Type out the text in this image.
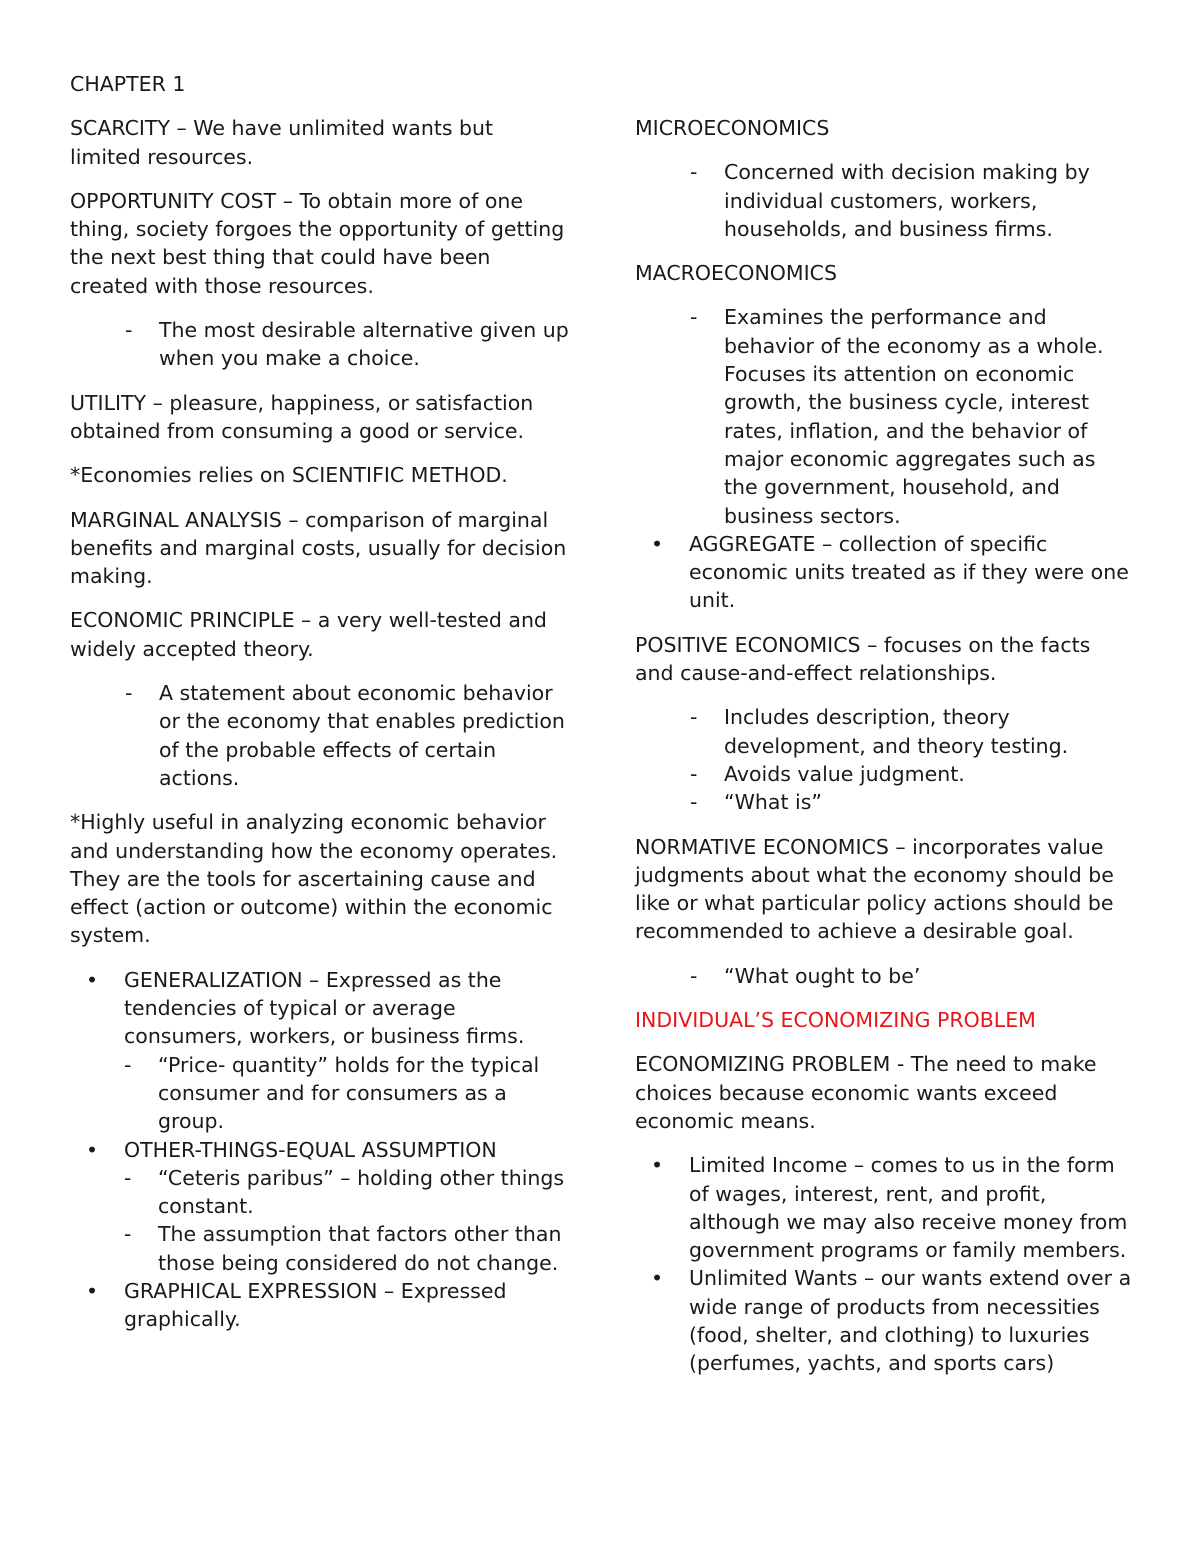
CHAPTER 1

SCARCITY – We have unlimited wants but limited resources.

OPPORTUNITY COST – To obtain more of one thing, society forgoes the opportunity of getting the next best thing that could have been created with those resources.

- The most desirable alternative given up when you make a choice.

UTILITY – pleasure, happiness, or satisfaction obtained from consuming a good or service.

*Economies relies on SCIENTIFIC METHOD.

MARGINAL ANALYSIS – comparison of marginal benefits and marginal costs, usually for decision making.

ECONOMIC PRINCIPLE – a very well-tested and widely accepted theory.

- A statement about economic behavior or the economy that enables prediction of the probable effects of certain actions.

*Highly useful in analyzing economic behavior and understanding how the economy operates. They are the tools for ascertaining cause and effect (action or outcome) within the economic system.

• GENERALIZATION – Expressed as the tendencies of typical or average consumers, workers, or business firms.
- “Price- quantity” holds for the typical consumer and for consumers as a group.
• OTHER-THINGS-EQUAL ASSUMPTION
- “Ceteris paribus” – holding other things constant.
- The assumption that factors other than those being considered do not change.
• GRAPHICAL EXPRESSION – Expressed graphically.

MICROECONOMICS

- Concerned with decision making by individual customers, workers, households, and business firms.

MACROECONOMICS

- Examines the performance and behavior of the economy as a whole. Focuses its attention on economic growth, the business cycle, interest rates, inflation, and the behavior of major economic aggregates such as the government, household, and business sectors.
• AGGREGATE – collection of specific economic units treated as if they were one unit.

POSITIVE ECONOMICS – focuses on the facts and cause-and-effect relationships.

- Includes description, theory development, and theory testing.
- Avoids value judgment.
- “What is”

NORMATIVE ECONOMICS – incorporates value judgments about what the economy should be like or what particular policy actions should be recommended to achieve a desirable goal.

- “What ought to be’

INDIVIDUAL’S ECONOMIZING PROBLEM

ECONOMIZING PROBLEM - The need to make choices because economic wants exceed economic means.

• Limited Income – comes to us in the form of wages, interest, rent, and profit, although we may also receive money from government programs or family members.
• Unlimited Wants – our wants extend over a wide range of products from necessities (food, shelter, and clothing) to luxuries (perfumes, yachts, and sports cars)
